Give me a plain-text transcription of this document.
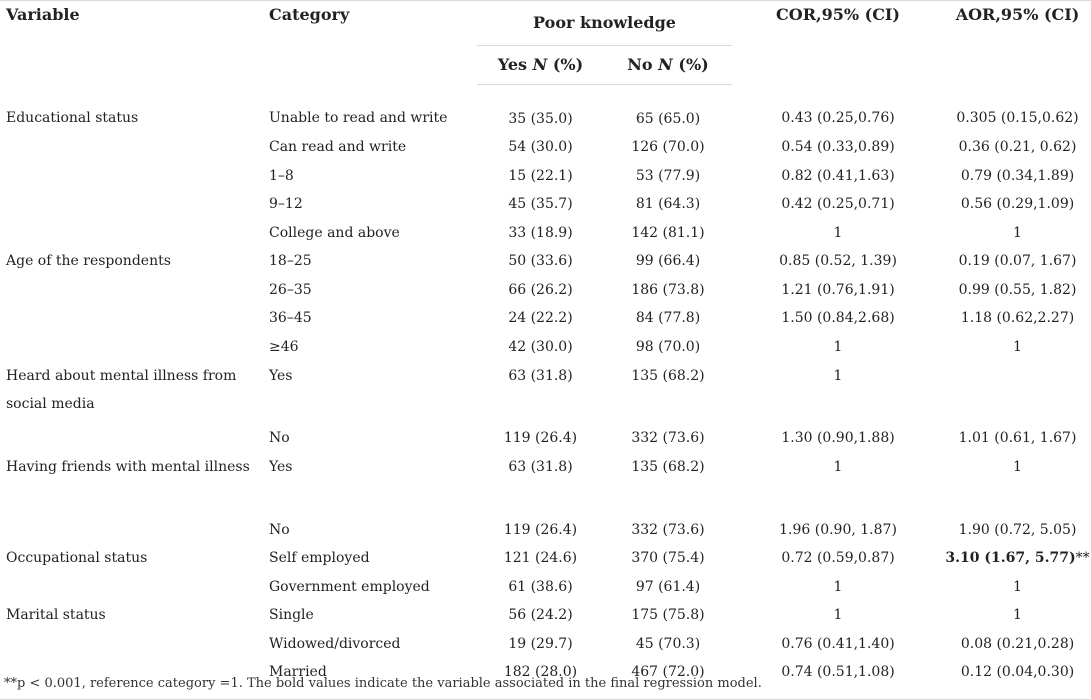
Variable	Category	Poor knowledge		COR,95% (CI)	AOR,95% (CI)
		Yes N (%)	No N (%)		
Educational status	Unable to read and write	35 (35.0)	65 (65.0)	0.43 (0.25,0.76)	0.305 (0.15,0.62)
	Can read and write	54 (30.0)	126 (70.0)	0.54 (0.33,0.89)	0.36 (0.21, 0.62)
	1–8	15 (22.1)	53 (77.9)	0.82 (0.41,1.63)	0.79 (0.34,1.89)
	9–12	45 (35.7)	81 (64.3)	0.42 (0.25,0.71)	0.56 (0.29,1.09)
	College and above	33 (18.9)	142 (81.1)	1	1
Age of the respondents	18–25	50 (33.6)	99 (66.4)	0.85 (0.52, 1.39)	0.19 (0.07, 1.67)
	26–35	66 (26.2)	186 (73.8)	1.21 (0.76,1.91)	0.99 (0.55, 1.82)
	36–45	24 (22.2)	84 (77.8)	1.50 (0.84,2.68)	1.18 (0.62,2.27)
	≥46	42 (30.0)	98 (70.0)	1	1
Heard about mental illness from social media	Yes	63 (31.8)	135 (68.2)	1	
	No	119 (26.4)	332 (73.6)	1.30 (0.90,1.88)	1.01 (0.61, 1.67)
Having friends with mental illness	Yes	63 (31.8)	135 (68.2)	1	1
	No	119 (26.4)	332 (73.6)	1.96 (0.90, 1.87)	1.90 (0.72, 5.05)
Occupational status	Self employed	121 (24.6)	370 (75.4)	0.72 (0.59,0.87)	3.10 (1.67, 5.77)**
	Government employed	61 (38.6)	97 (61.4)	1	1
Marital status	Single	56 (24.2)	175 (75.8)	1	1
	Widowed/divorced	19 (29.7)	45 (70.3)	0.76 (0.41,1.40)	0.08 (0.21,0.28)
	Married	182 (28.0)	467 (72.0)	0.74 (0.51,1.08)	0.12 (0.04,0.30)
**p < 0.001, reference category =1. The bold values indicate the variable associated in the final regression model.
